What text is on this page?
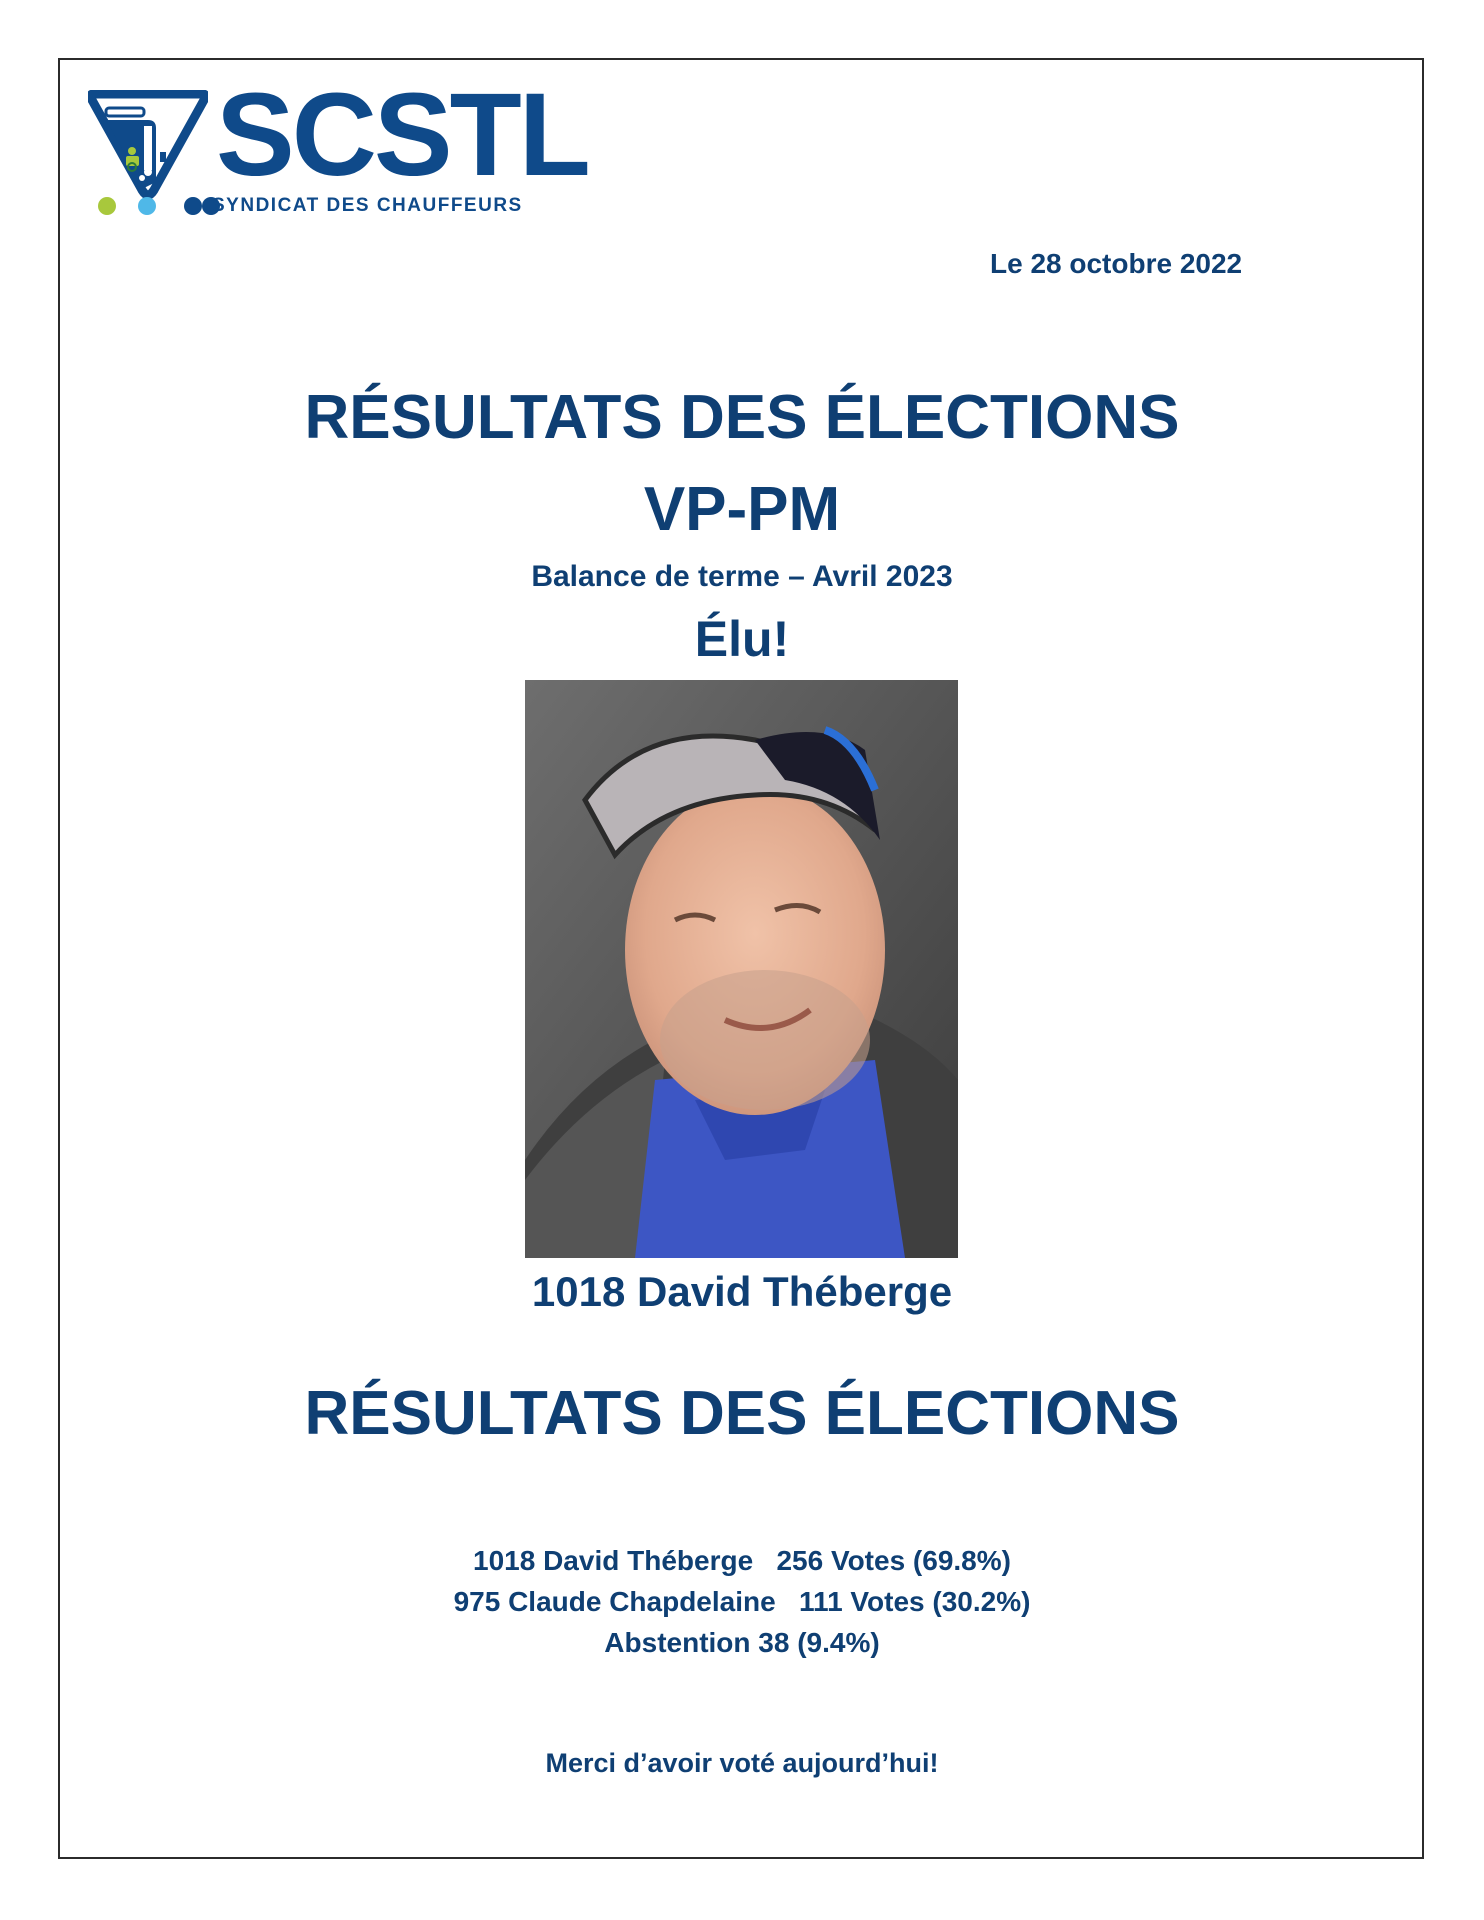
SCSTL
SYNDICAT DES CHAUFFEURS
Le 28 octobre 2022
RÉSULTATS DES ÉLECTIONS
VP-PM
Balance de terme – Avril 2023
Élu!
1018 David Théberge
RÉSULTATS DES ÉLECTIONS
1018 David Théberge   256 Votes (69.8%)
975 Claude Chapdelaine   111 Votes (30.2%)
Abstention 38 (9.4%)
Merci d’avoir voté aujourd’hui!
